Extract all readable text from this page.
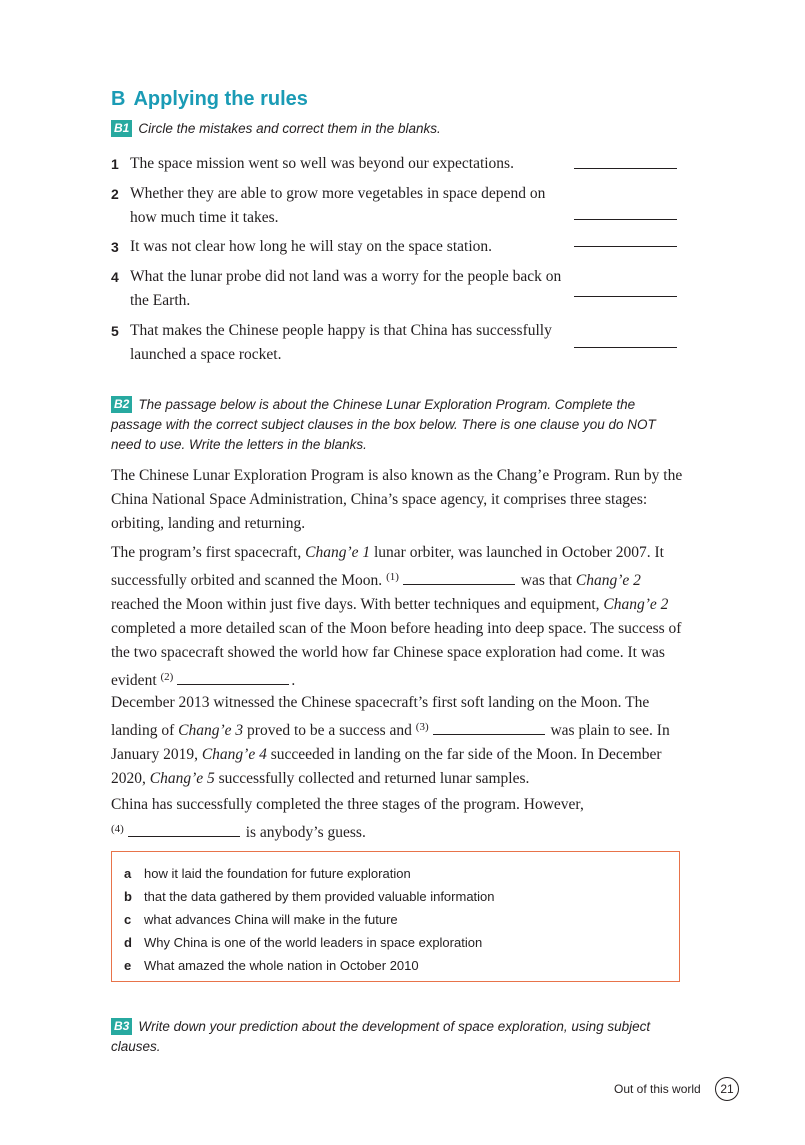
B Applying the rules
B1 Circle the mistakes and correct them in the blanks.
1 The space mission went so well was beyond our expectations.
2 Whether they are able to grow more vegetables in space depend on how much time it takes.
3 It was not clear how long he will stay on the space station.
4 What the lunar probe did not land was a worry for the people back on the Earth.
5 That makes the Chinese people happy is that China has successfully launched a space rocket.
B2 The passage below is about the Chinese Lunar Exploration Program. Complete the passage with the correct subject clauses in the box below. There is one clause you do NOT need to use. Write the letters in the blanks.
The Chinese Lunar Exploration Program is also known as the Chang’e Program. Run by the China National Space Administration, China’s space agency, it comprises three stages: orbiting, landing and returning.
The program’s first spacecraft, Chang’e 1 lunar orbiter, was launched in October 2007. It successfully orbited and scanned the Moon. $^{(1)}$	was that Chang’e 2 reached the Moon within just five days. With better techniques and equipment, Chang’e 2 completed a more detailed scan of the Moon before heading into deep space. The success of the two spacecraft showed the world how far Chinese space exploration had come. It was evident $^{(2)}$	.
December 2013 witnessed the Chinese spacecraft’s first soft landing on the Moon. The landing of Chang’e 3 proved to be a success and $^{(3)}$	was plain to see. In January 2019, Chang’e 4 succeeded in landing on the far side of the Moon. In December 2020, Chang’e 5 successfully collected and returned lunar samples.
China has successfully completed the three stages of the program. However,
$^{(4)}$	is anybody’s guess.
a how it laid the foundation for future exploration
b that the data gathered by them provided valuable information
c what advances China will make in the future
d Why China is one of the world leaders in space exploration
e What amazed the whole nation in October 2010
B3 Write down your prediction about the development of space exploration, using subject clauses.
Out of this world	21
